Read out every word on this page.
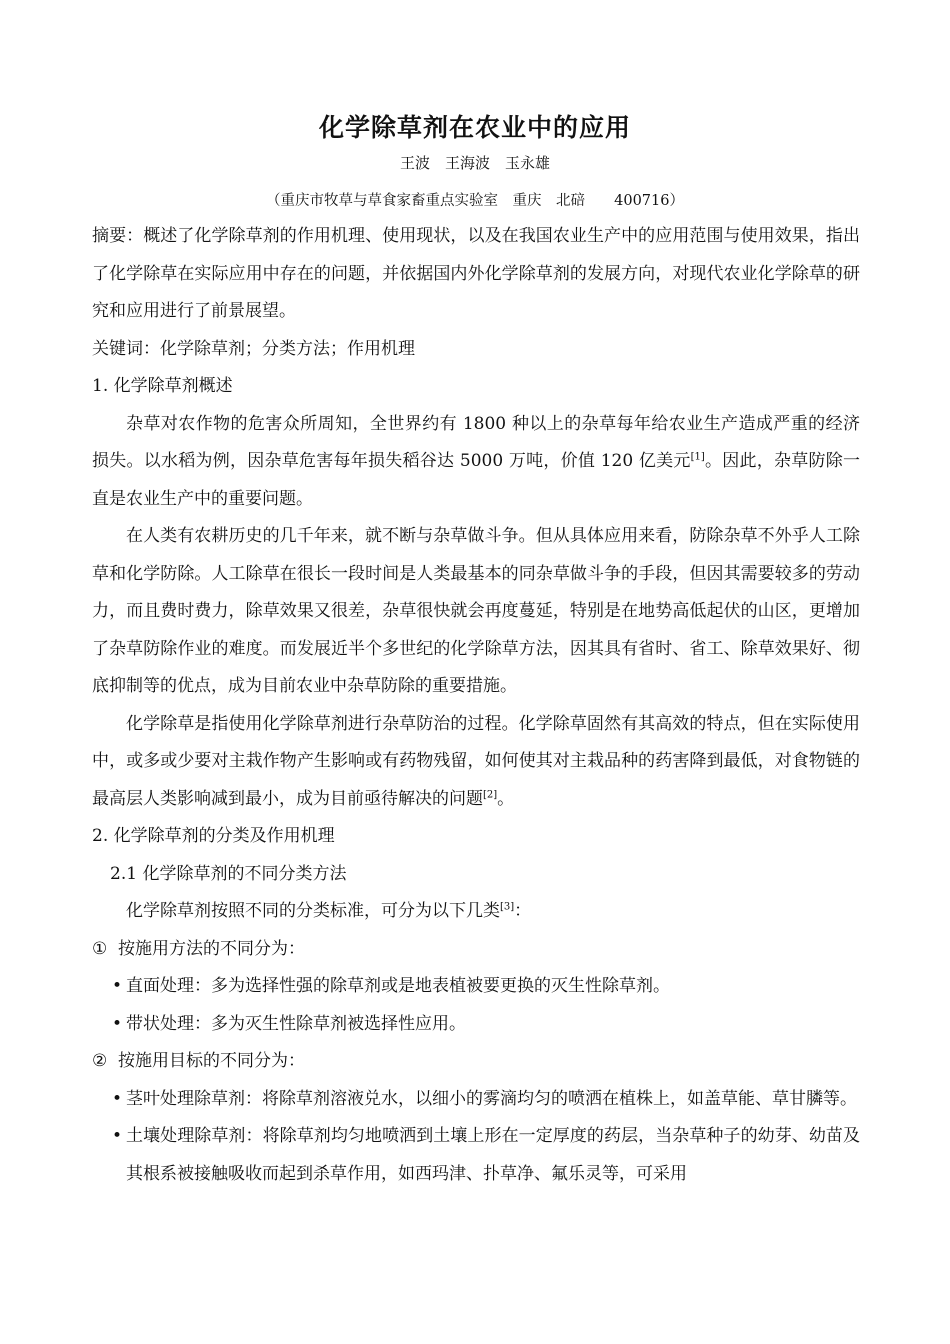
化学除草剂在农业中的应用
王波　王海波　玉永雄
（重庆市牧草与草食家畜重点实验室　重庆　北碚　 400716）

摘要：概述了化学除草剂的作用机理、使用现状，以及在我国农业生产中的应用范围与使用效果，指出了化学除草在实际应用中存在的问题，并依据国内外化学除草剂的发展方向，对现代农业化学除草的研究和应用进行了前景展望。

关键词：化学除草剂；分类方法；作用机理

1. 化学除草剂概述

杂草对农作物的危害众所周知，全世界约有 1800 种以上的杂草每年给农业生产造成严重的经济损失。以水稻为例，因杂草危害每年损失稻谷达 5000 万吨，价值 120 亿美元[1]。因此，杂草防除一直是农业生产中的重要问题。

在人类有农耕历史的几千年来，就不断与杂草做斗争。但从具体应用来看，防除杂草不外乎人工除草和化学防除。人工除草在很长一段时间是人类最基本的同杂草做斗争的手段，但因其需要较多的劳动力，而且费时费力，除草效果又很差，杂草很快就会再度蔓延，特别是在地势高低起伏的山区，更增加了杂草防除作业的难度。而发展近半个多世纪的化学除草方法，因其具有省时、省工、除草效果好、彻底抑制等的优点，成为目前农业中杂草防除的重要措施。

化学除草是指使用化学除草剂进行杂草防治的过程。化学除草固然有其高效的特点，但在实际使用中，或多或少要对主栽作物产生影响或有药物残留，如何使其对主栽品种的药害降到最低，对食物链的最高层人类影响减到最小，成为目前亟待解决的问题[2]。

2. 化学除草剂的分类及作用机理

2.1 化学除草剂的不同分类方法

化学除草剂按照不同的分类标准，可分为以下几类[3]：

① 按施用方法的不同分为：

• 直面处理：多为选择性强的除草剂或是地表植被要更换的灭生性除草剂。
• 带状处理：多为灭生性除草剂被选择性应用。

② 按施用目标的不同分为：

• 茎叶处理除草剂：将除草剂溶液兑水，以细小的雾滴均匀的喷洒在植株上，如盖草能、草甘膦等。
• 土壤处理除草剂：将除草剂均匀地喷洒到土壤上形在一定厚度的药层，当杂草种子的幼芽、幼苗及其根系被接触吸收而起到杀草作用，如西玛津、扑草净、氟乐灵等，可采用
